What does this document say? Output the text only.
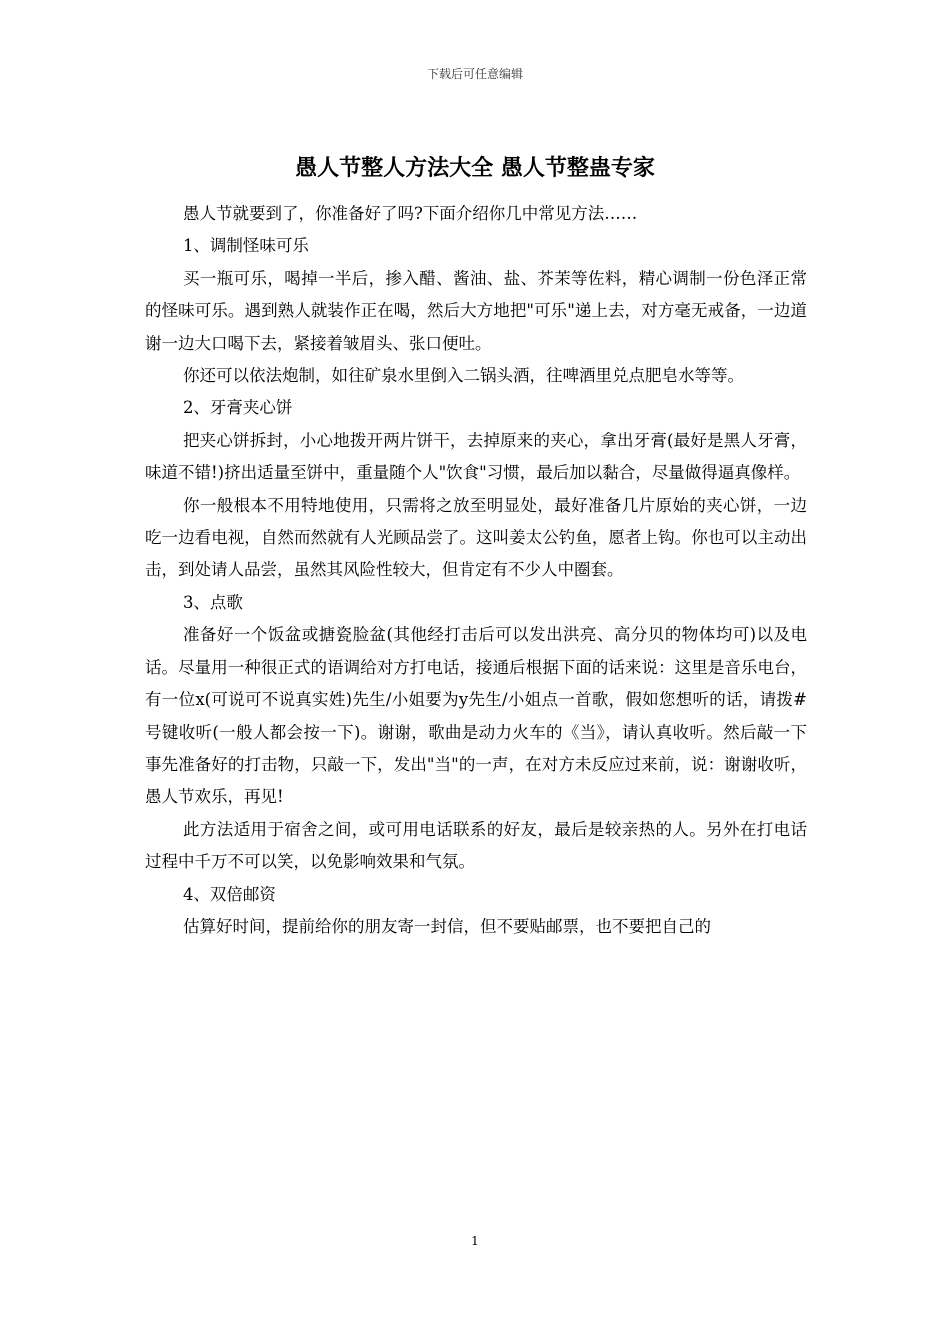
下载后可任意编辑
愚人节整人方法大全 愚人节整蛊专家

愚人节就要到了，你准备好了吗?下面介绍你几中常见方法……

1、调制怪味可乐

买一瓶可乐，喝掉一半后，掺入醋、酱油、盐、芥茉等佐料，精心调制一份色泽正常的怪味可乐。遇到熟人就装作正在喝，然后大方地把"可乐"递上去，对方毫无戒备，一边道谢一边大口喝下去，紧接着皱眉头、张口便吐。

你还可以依法炮制，如往矿泉水里倒入二锅头酒，往啤酒里兑点肥皂水等等。

2、牙膏夹心饼

把夹心饼拆封，小心地拨开两片饼干，去掉原来的夹心，拿出牙膏(最好是黑人牙膏，味道不错!)挤出适量至饼中，重量随个人"饮食"习惯，最后加以黏合，尽量做得逼真像样。

你一般根本不用特地使用，只需将之放至明显处，最好准备几片原始的夹心饼，一边吃一边看电视，自然而然就有人光顾品尝了。这叫姜太公钓鱼，愿者上钩。你也可以主动出击，到处请人品尝，虽然其风险性较大，但肯定有不少人中圈套。

3、点歌

准备好一个饭盆或搪瓷脸盆(其他经打击后可以发出洪亮、高分贝的物体均可)以及电话。尽量用一种很正式的语调给对方打电话，接通后根据下面的话来说：这里是音乐电台，有一位x(可说可不说真实姓)先生/小姐要为y先生/小姐点一首歌，假如您想听的话，请拨#号键收听(一般人都会按一下)。谢谢，歌曲是动力火车的《当》，请认真收听。然后敲一下事先准备好的打击物，只敲一下，发出"当"的一声，在对方未反应过来前，说：谢谢收听，愚人节欢乐，再见!

此方法适用于宿舍之间，或可用电话联系的好友，最后是较亲热的人。另外在打电话过程中千万不可以笑，以免影响效果和气氛。

4、双倍邮资

估算好时间，提前给你的朋友寄一封信，但不要贴邮票，也不要把自己的

1
